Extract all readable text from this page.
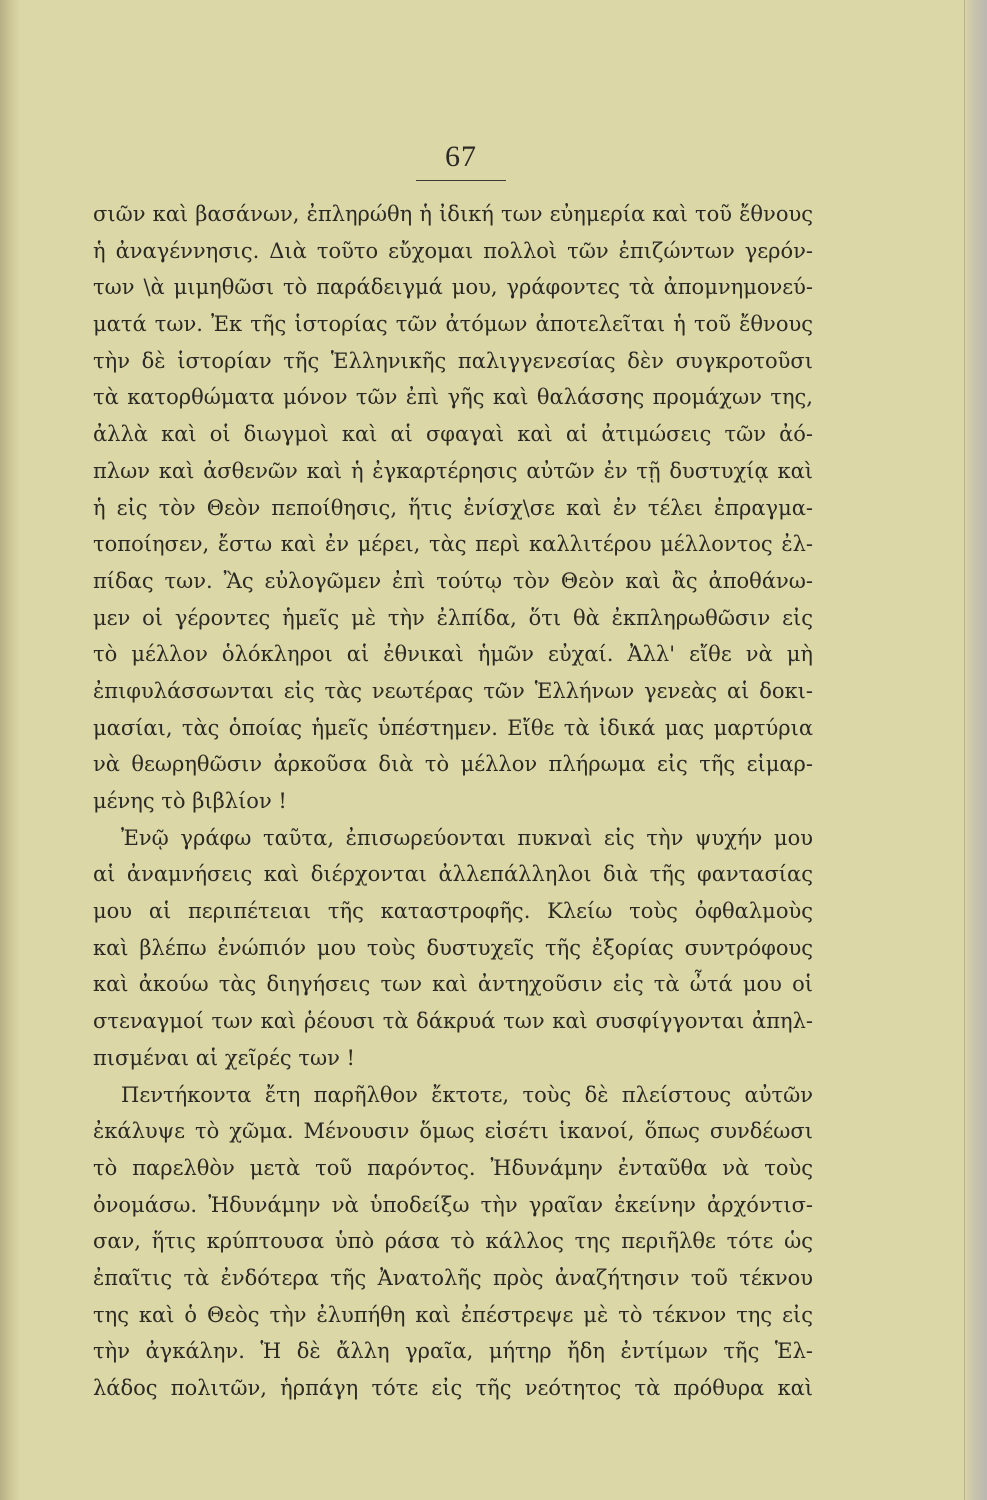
67
σιῶν καὶ βασάνων, ἐπληρώθη ἡ ἰδική των εὐημερία καὶ τοῦ ἔθνους
ἡ ἀναγέννησις. Διὰ τοῦτο εὔχομαι πολλοὶ τῶν ἐπιζώντων γερόν-
των \ὰ μιμηθῶσι τὸ παράδειγμά μου, γράφοντες τὰ ἀπομνημονεύ-
ματά των. Ἐκ τῆς ἱστορίας τῶν ἀτόμων ἀποτελεῖται ἡ τοῦ ἔθνους
τὴν δὲ ἱστορίαν τῆς Ἑλληνικῆς παλιγγενεσίας δὲν συγκροτοῦσι
τὰ κατορθώματα μόνον τῶν ἐπὶ γῆς καὶ θαλάσσης προμάχων της,
ἀλλὰ καὶ οἱ διωγμοὶ καὶ αἱ σφαγαὶ καὶ αἱ ἀτιμώσεις τῶν ἀό-
πλων καὶ ἀσθενῶν καὶ ἡ ἐγκαρτέρησις αὐτῶν ἐν τῇ δυστυχίᾳ καὶ
ἡ εἰς τὸν Θεὸν πεποίθησις, ἥτις ἐνίσχ\σε καὶ ἐν τέλει ἐπραγμα-
τοποίησεν, ἔστω καὶ ἐν μέρει, τὰς περὶ καλλιτέρου μέλλοντος ἐλ-
πίδας των. Ἂς εὐλογῶμεν ἐπὶ τούτῳ τὸν Θεὸν καὶ ἂς ἀποθάνω-
μεν οἱ γέροντες ἡμεῖς μὲ τὴν ἐλπίδα, ὅτι θὰ ἐκπληρωθῶσιν εἰς
τὸ μέλλον ὁλόκληροι αἱ ἐθνικαὶ ἡμῶν εὐχαί. Ἀλλ' εἴθε νὰ μὴ
ἐπιφυλάσσωνται εἰς τὰς νεωτέρας τῶν Ἑλλήνων γενεὰς αἱ δοκι-
μασίαι, τὰς ὁποίας ἡμεῖς ὑπέστημεν. Εἴθε τὰ ἰδικά μας μαρτύρια
νὰ θεωρηθῶσιν ἀρκοῦσα διὰ τὸ μέλλον πλήρωμα εἰς τῆς εἱμαρ-
μένης τὸ βιβλίον !
Ἐνῷ γράφω ταῦτα, ἐπισωρεύονται πυκναὶ εἰς τὴν ψυχήν μου
αἱ ἀναμνήσεις καὶ διέρχονται ἀλλεπάλληλοι διὰ τῆς φαντασίας
μου αἱ περιπέτειαι τῆς καταστροφῆς. Κλείω τοὺς ὀφθαλμοὺς
καὶ βλέπω ἐνώπιόν μου τοὺς δυστυχεῖς τῆς ἐξορίας συντρόφους
καὶ ἀκούω τὰς διηγήσεις των καὶ ἀντηχοῦσιν εἰς τὰ ὦτά μου οἱ
στεναγμοί των καὶ ῥέουσι τὰ δάκρυά των καὶ συσφίγγονται ἀπηλ-
πισμέναι αἱ χεῖρές των !
Πεντήκοντα ἔτη παρῆλθον ἔκτοτε, τοὺς δὲ πλείστους αὐτῶν
ἐκάλυψε τὸ χῶμα. Μένουσιν ὅμως εἰσέτι ἱκανοί, ὅπως συνδέωσι
τὸ παρελθὸν μετὰ τοῦ παρόντος. Ἠδυνάμην ἐνταῦθα νὰ τοὺς
ὀνομάσω. Ἠδυνάμην νὰ ὑποδείξω τὴν γραῖαν ἐκείνην ἀρχόντισ-
σαν, ἥτις κρύπτουσα ὑπὸ ράσα τὸ κάλλος της περιῆλθε τότε ὡς
ἐπαῖτις τὰ ἐνδότερα τῆς Ἀνατολῆς πρὸς ἀναζήτησιν τοῦ τέκνου
της καὶ ὁ Θεὸς τὴν ἐλυπήθη καὶ ἐπέστρεψε μὲ τὸ τέκνον της εἰς
τὴν ἀγκάλην. Ἡ δὲ ἄλλη γραῖα, μήτηρ ἤδη ἐντίμων τῆς Ἑλ-
λάδος πολιτῶν, ἡρπάγη τότε εἰς τῆς νεότητος τὰ πρόθυρα καὶ
